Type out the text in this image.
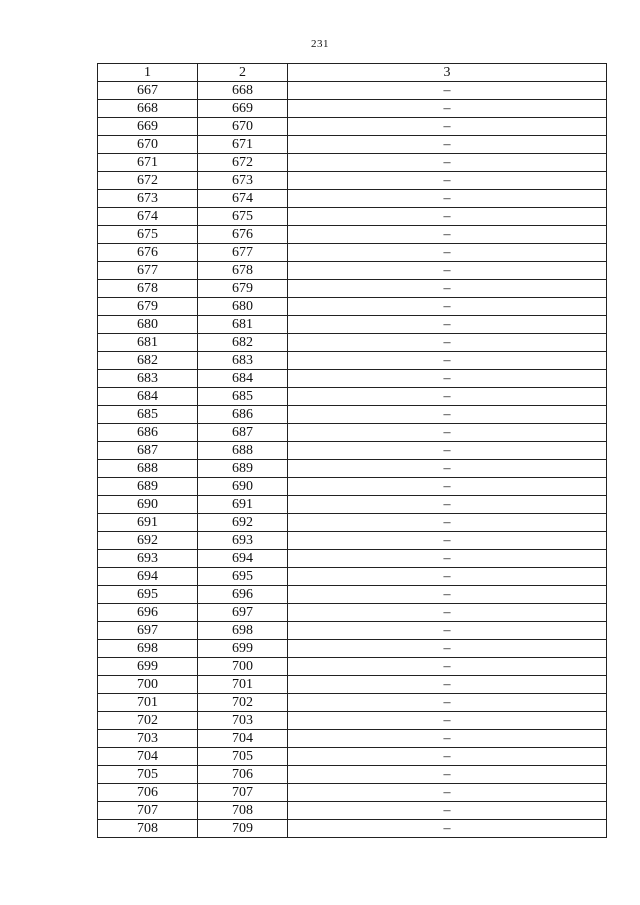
231
1	2	3
667	668	–
668	669	–
669	670	–
670	671	–
671	672	–
672	673	–
673	674	–
674	675	–
675	676	–
676	677	–
677	678	–
678	679	–
679	680	–
680	681	–
681	682	–
682	683	–
683	684	–
684	685	–
685	686	–
686	687	–
687	688	–
688	689	–
689	690	–
690	691	–
691	692	–
692	693	–
693	694	–
694	695	–
695	696	–
696	697	–
697	698	–
698	699	–
699	700	–
700	701	–
701	702	–
702	703	–
703	704	–
704	705	–
705	706	–
706	707	–
707	708	–
708	709	–
